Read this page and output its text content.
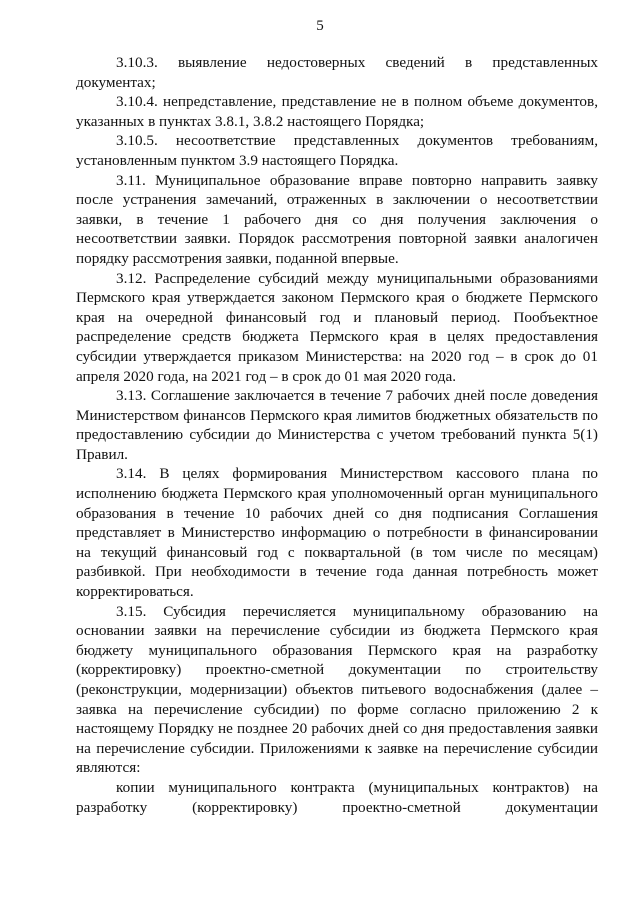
5

3.10.3. выявление недостоверных сведений в представленных документах;

3.10.4. непредставление, представление не в полном объеме документов, указанных в пунктах 3.8.1, 3.8.2 настоящего Порядка;

3.10.5. несоответствие представленных документов требованиям, установленным пунктом 3.9 настоящего Порядка.

3.11. Муниципальное образование вправе повторно направить заявку после устранения замечаний, отраженных в заключении о несоответствии заявки, в течение 1 рабочего дня со дня получения заключения о несоответствии заявки. Порядок рассмотрения повторной заявки аналогичен порядку рассмотрения заявки, поданной впервые.

3.12. Распределение субсидий между муниципальными образованиями Пермского края утверждается законом Пермского края о бюджете Пермского края на очередной финансовый год и плановый период. Пообъектное распределение средств бюджета Пермского края в целях предоставления субсидии утверждается приказом Министерства: на 2020 год – в срок до 01 апреля 2020 года, на 2021 год – в срок до 01 мая 2020 года.

3.13. Соглашение заключается в течение 7 рабочих дней после доведения Министерством финансов Пермского края лимитов бюджетных обязательств по предоставлению субсидии до Министерства с учетом требований пункта 5(1) Правил.

3.14. В целях формирования Министерством кассового плана по исполнению бюджета Пермского края уполномоченный орган муниципального образования в течение 10 рабочих дней со дня подписания Соглашения представляет в Министерство информацию о потребности в финансировании на текущий финансовый год с поквартальной (в том числе по месяцам) разбивкой. При необходимости в течение года данная потребность может корректироваться.

3.15. Субсидия перечисляется муниципальному образованию на основании заявки на перечисление субсидии из бюджета Пермского края бюджету муниципального образования Пермского края на разработку (корректировку) проектно-сметной документации по строительству (реконструкции, модернизации) объектов питьевого водоснабжения (далее – заявка на перечисление субсидии) по форме согласно приложению 2 к настоящему Порядку не позднее 20 рабочих дней со дня предоставления заявки на перечисление субсидии. Приложениями к заявке на перечисление субсидии являются:

копии муниципального контракта (муниципальных контрактов) на разработку (корректировку) проектно-сметной документации
